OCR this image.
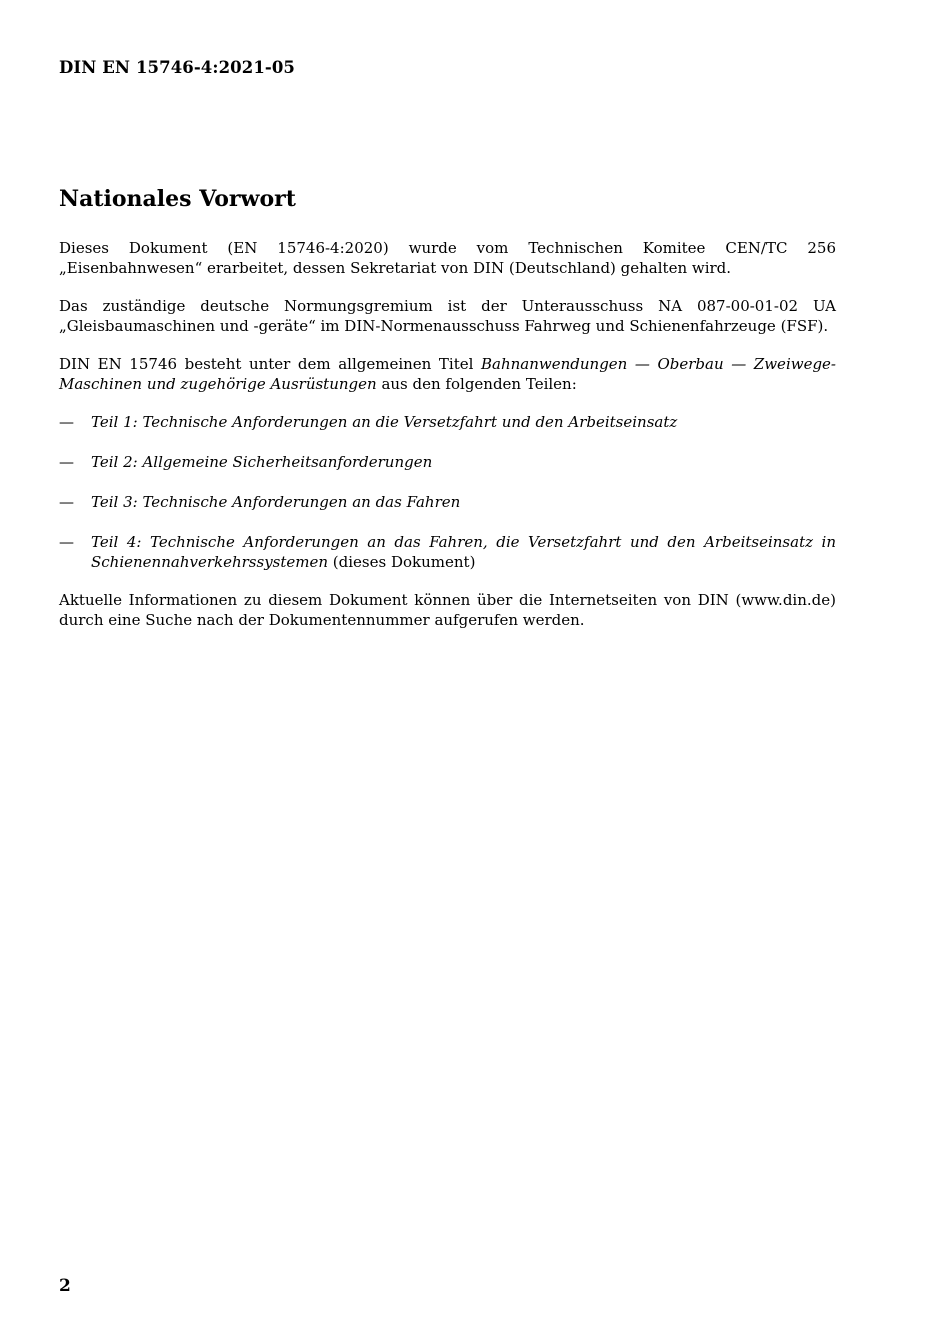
DIN EN 15746-4:2021-05
Nationales Vorwort

Dieses Dokument (EN 15746-4:2020) wurde vom Technischen Komitee CEN/TC 256 „Eisenbahnwesen“ erarbeitet, dessen Sekretariat von DIN (Deutschland) gehalten wird.

Das zuständige deutsche Normungsgremium ist der Unterausschuss NA 087-00-01-02 UA „Gleisbaumaschinen und -geräte“ im DIN-Normenausschuss Fahrweg und Schienenfahrzeuge (FSF).

DIN EN 15746 besteht unter dem allgemeinen Titel Bahnanwendungen — Oberbau — Zweiwege-Maschinen und zugehörige Ausrüstungen aus den folgenden Teilen:

— Teil 1: Technische Anforderungen an die Versetzfahrt und den Arbeitseinsatz
— Teil 2: Allgemeine Sicherheitsanforderungen
— Teil 3: Technische Anforderungen an das Fahren
— Teil 4: Technische Anforderungen an das Fahren, die Versetzfahrt und den Arbeitseinsatz in Schienennahverkehrssystemen (dieses Dokument)

Aktuelle Informationen zu diesem Dokument können über die Internetseiten von DIN (www.din.de) durch eine Suche nach der Dokumentennummer aufgerufen werden.

2
